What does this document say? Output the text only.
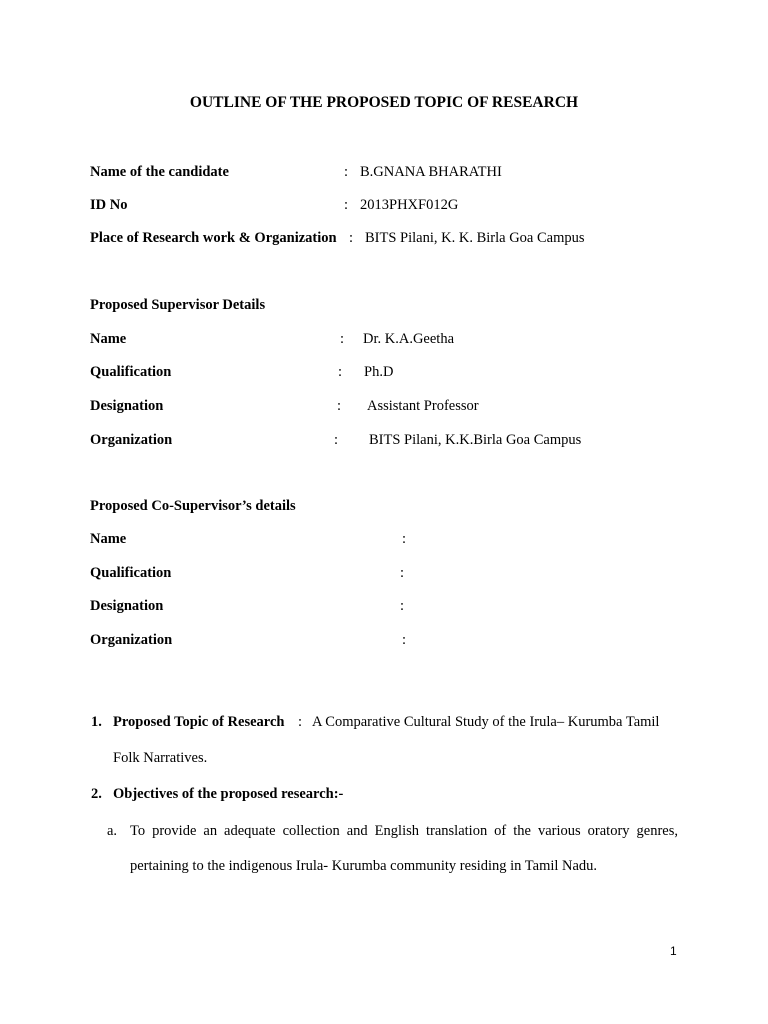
OUTLINE OF THE PROPOSED TOPIC OF RESEARCH
Name of the candidate	: B.GNANA BHARATHI
ID No	: 2013PHXF012G
Place of Research work & Organization : BITS Pilani, K. K. Birla Goa Campus
Proposed Supervisor Details
Name	: Dr. K.A.Geetha
Qualification	: Ph.D
Designation	: Assistant Professor
Organization	: BITS Pilani, K.K.Birla Goa Campus
Proposed Co-Supervisor’s details
Name	:
Qualification	:
Designation	:
Organization	:
1. Proposed Topic of Research : A Comparative Cultural Study of the Irula– Kurumba Tamil
Folk Narratives.
2. Objectives of the proposed research:-
a. To provide an adequate collection and English translation of the various oratory genres,
pertaining to the indigenous Irula- Kurumba community residing in Tamil Nadu.
1
